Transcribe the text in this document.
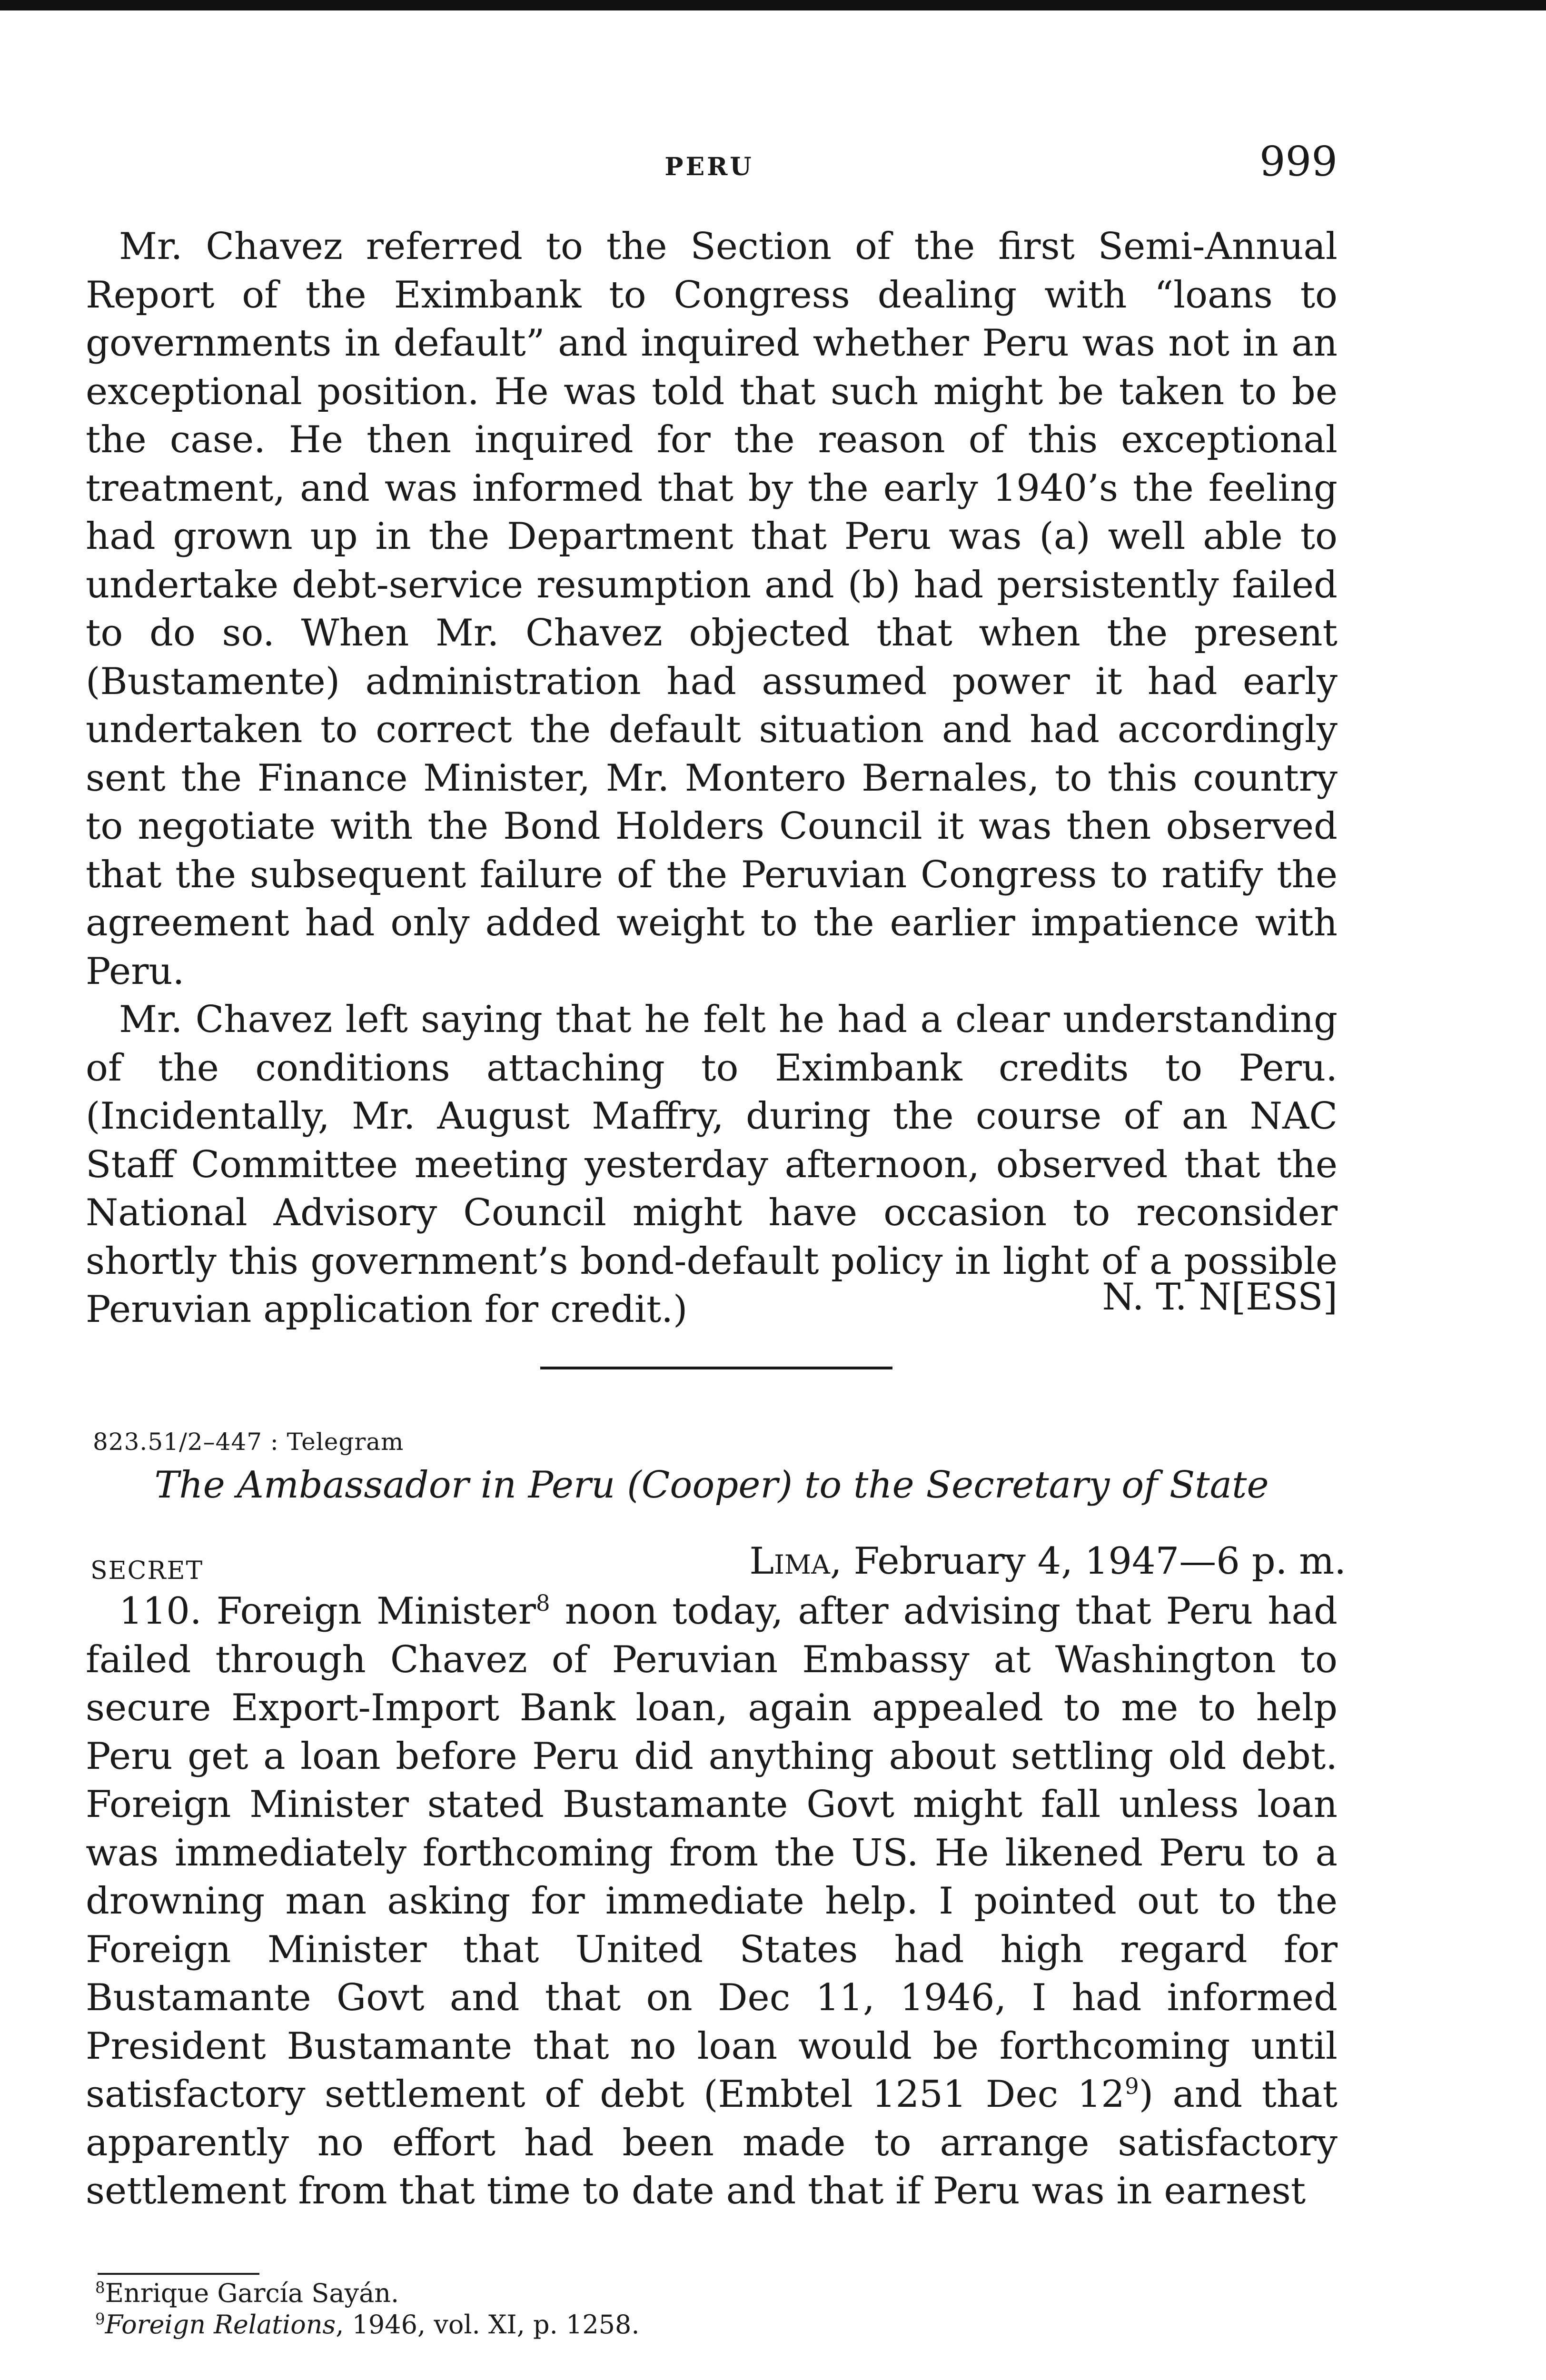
PERU	999

Mr. Chavez referred to the Section of the first Semi-Annual Report of the Eximbank to Congress dealing with “loans to governments in default” and inquired whether Peru was not in an exceptional position. He was told that such might be taken to be the case. He then inquired for the reason of this exceptional treatment, and was informed that by the early 1940’s the feeling had grown up in the Department that Peru was (a) well able to undertake debt-service resumption and (b) had persistently failed to do so. When Mr. Chavez objected that when the present (Bustamente) administration had assumed power it had early undertaken to correct the default situation and had accordingly sent the Finance Minister, Mr. Montero Bernales, to this country to negotiate with the Bond Holders Council it was then observed that the subsequent failure of the Peruvian Congress to ratify the agreement had only added weight to the earlier impatience with Peru.

Mr. Chavez left saying that he felt he had a clear understanding of the conditions attaching to Eximbank credits to Peru. (Incidentally, Mr. August Maffry, during the course of an NAC Staff Committee meeting yesterday afternoon, observed that the National Advisory Council might have occasion to reconsider shortly this government’s bond-default policy in light of a possible Peruvian application for credit.)	N. T. N[ESS]
823.51/2–447 : Telegram
The Ambassador in Peru (Cooper) to the Secretary of State
SECRET	Lima, February 4, 1947—6 p. m.

110. Foreign Minister$^8$ noon today, after advising that Peru had failed through Chavez of Peruvian Embassy at Washington to secure Export-Import Bank loan, again appealed to me to help Peru get a loan before Peru did anything about settling old debt. Foreign Minister stated Bustamante Govt might fall unless loan was immediately forthcoming from the US. He likened Peru to a drowning man asking for immediate help. I pointed out to the Foreign Minister that United States had high regard for Bustamante Govt and that on Dec 11, 1946, I had informed President Bustamante that no loan would be forthcoming until satisfactory settlement of debt (Embtel 1251 Dec $12^9$) and that apparently no effort had been made to arrange satisfactory settlement from that time to date and that if Peru was in earnest

$^8$Enrique García Sayán.
$^9$Foreign Relations, 1946, vol. XI, p. 1258.
